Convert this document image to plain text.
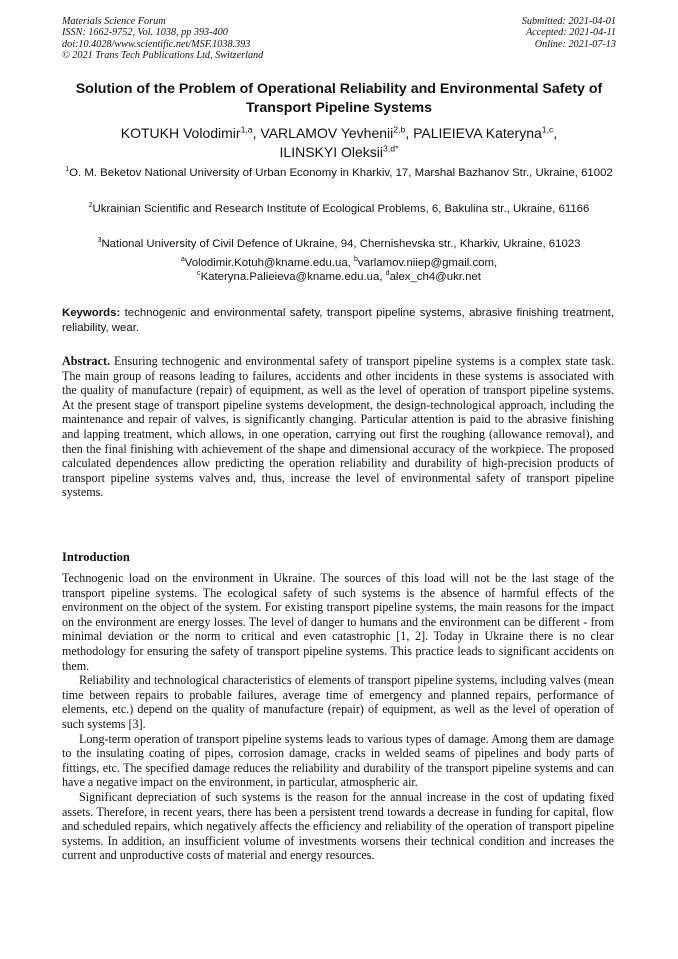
Materials Science Forum
ISSN: 1662-9752, Vol. 1038, pp 393-400
doi:10.4028/www.scientific.net/MSF.1038.393
© 2021 Trans Tech Publications Ltd, Switzerland
Submitted: 2021-04-01
Accepted: 2021-04-11
Online: 2021-07-13
Solution of the Problem of Operational Reliability and Environmental Safety of Transport Pipeline Systems
KOTUKH Volodimir$^{1,a}$, VARLAMOV Yevhenii$^{2,b}$, PALIEIEVA Kateryna$^{1,c}$,
ILINSKYI Oleksii$^{3,d*}$
$^1$O. M. Beketov National University of Urban Economy in Kharkiv, 17, Marshal Bazhanov Str., Ukraine, 61002
$^2$Ukrainian Scientific and Research Institute of Ecological Problems, 6, Bakulina str., Ukraine, 61166
$^3$National University of Civil Defence of Ukraine, 94, Chernishevska str., Kharkiv, Ukraine, 61023
$^a$Volodimir.Kotuh@kname.edu.ua, $^b$varlamov.niiep@gmail.com,
$^c$Kateryna.Palieieva@kname.edu.ua, $^d$alex_ch4@ukr.net
Keywords: technogenic and environmental safety, transport pipeline systems, abrasive finishing treatment, reliability, wear.
Abstract. Ensuring technogenic and environmental safety of transport pipeline systems is a complex state task. The main group of reasons leading to failures, accidents and other incidents in these systems is associated with the quality of manufacture (repair) of equipment, as well as the level of operation of transport pipeline systems. At the present stage of transport pipeline systems development, the design-technological approach, including the maintenance and repair of valves, is significantly changing. Particular attention is paid to the abrasive finishing and lapping treatment, which allows, in one operation, carrying out first the roughing (allowance removal), and then the final finishing with achievement of the shape and dimensional accuracy of the workpiece. The proposed calculated dependences allow predicting the operation reliability and durability of high-precision products of transport pipeline systems valves and, thus, increase the level of environmental safety of transport pipeline systems.
Introduction

Technogenic load on the environment in Ukraine. The sources of this load will not be the last stage of the transport pipeline systems. The ecological safety of such systems is the absence of harmful effects of the environment on the object of the system. For existing transport pipeline systems, the main reasons for the impact on the environment are energy losses. The level of danger to humans and the environment can be different - from minimal deviation or the norm to critical and even catastrophic [1, 2]. Today in Ukraine there is no clear methodology for ensuring the safety of transport pipeline systems. This practice leads to significant accidents on them.

Reliability and technological characteristics of elements of transport pipeline systems, including valves (mean time between repairs to probable failures, average time of emergency and planned repairs, performance of elements, etc.) depend on the quality of manufacture (repair) of equipment, as well as the level of operation of such systems [3].

Long-term operation of transport pipeline systems leads to various types of damage. Among them are damage to the insulating coating of pipes, corrosion damage, cracks in welded seams of pipelines and body parts of fittings, etc. The specified damage reduces the reliability and durability of the transport pipeline systems and can have a negative impact on the environment, in particular, atmospheric air.

Significant depreciation of such systems is the reason for the annual increase in the cost of updating fixed assets. Therefore, in recent years, there has been a persistent trend towards a decrease in funding for capital, flow and scheduled repairs, which negatively affects the efficiency and reliability of the operation of transport pipeline systems. In addition, an insufficient volume of investments worsens their technical condition and increases the current and unproductive costs of material and energy resources.
